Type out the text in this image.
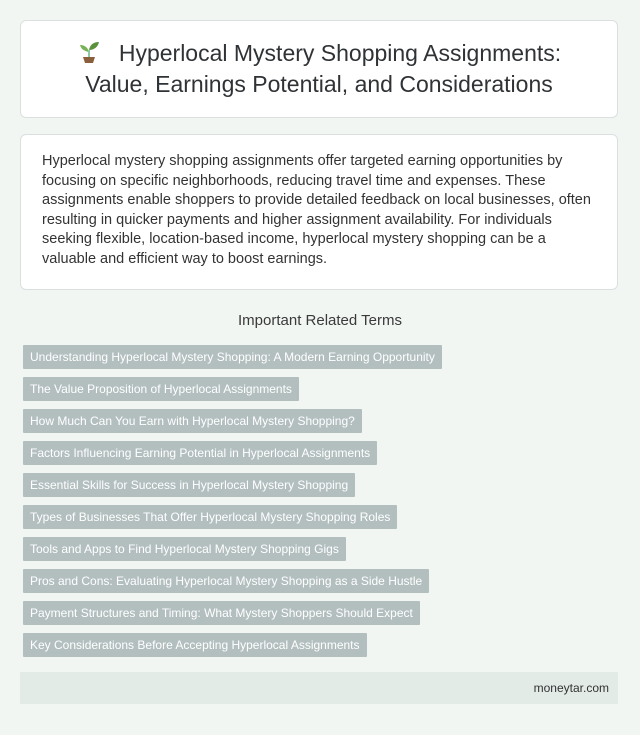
Hyperlocal Mystery Shopping Assignments:
Value, Earnings Potential, and Considerations

Hyperlocal mystery shopping assignments offer targeted earning opportunities by focusing on specific neighborhoods, reducing travel time and expenses. These assignments enable shoppers to provide detailed feedback on local businesses, often resulting in quicker payments and higher assignment availability. For individuals seeking flexible, location-based income, hyperlocal mystery shopping can be a valuable and efficient way to boost earnings.

Important Related Terms
Understanding Hyperlocal Mystery Shopping: A Modern Earning Opportunity
The Value Proposition of Hyperlocal Assignments
How Much Can You Earn with Hyperlocal Mystery Shopping?
Factors Influencing Earning Potential in Hyperlocal Assignments
Essential Skills for Success in Hyperlocal Mystery Shopping
Types of Businesses That Offer Hyperlocal Mystery Shopping Roles
Tools and Apps to Find Hyperlocal Mystery Shopping Gigs
Pros and Cons: Evaluating Hyperlocal Mystery Shopping as a Side Hustle
Payment Structures and Timing: What Mystery Shoppers Should Expect
Key Considerations Before Accepting Hyperlocal Assignments
moneytar.com
